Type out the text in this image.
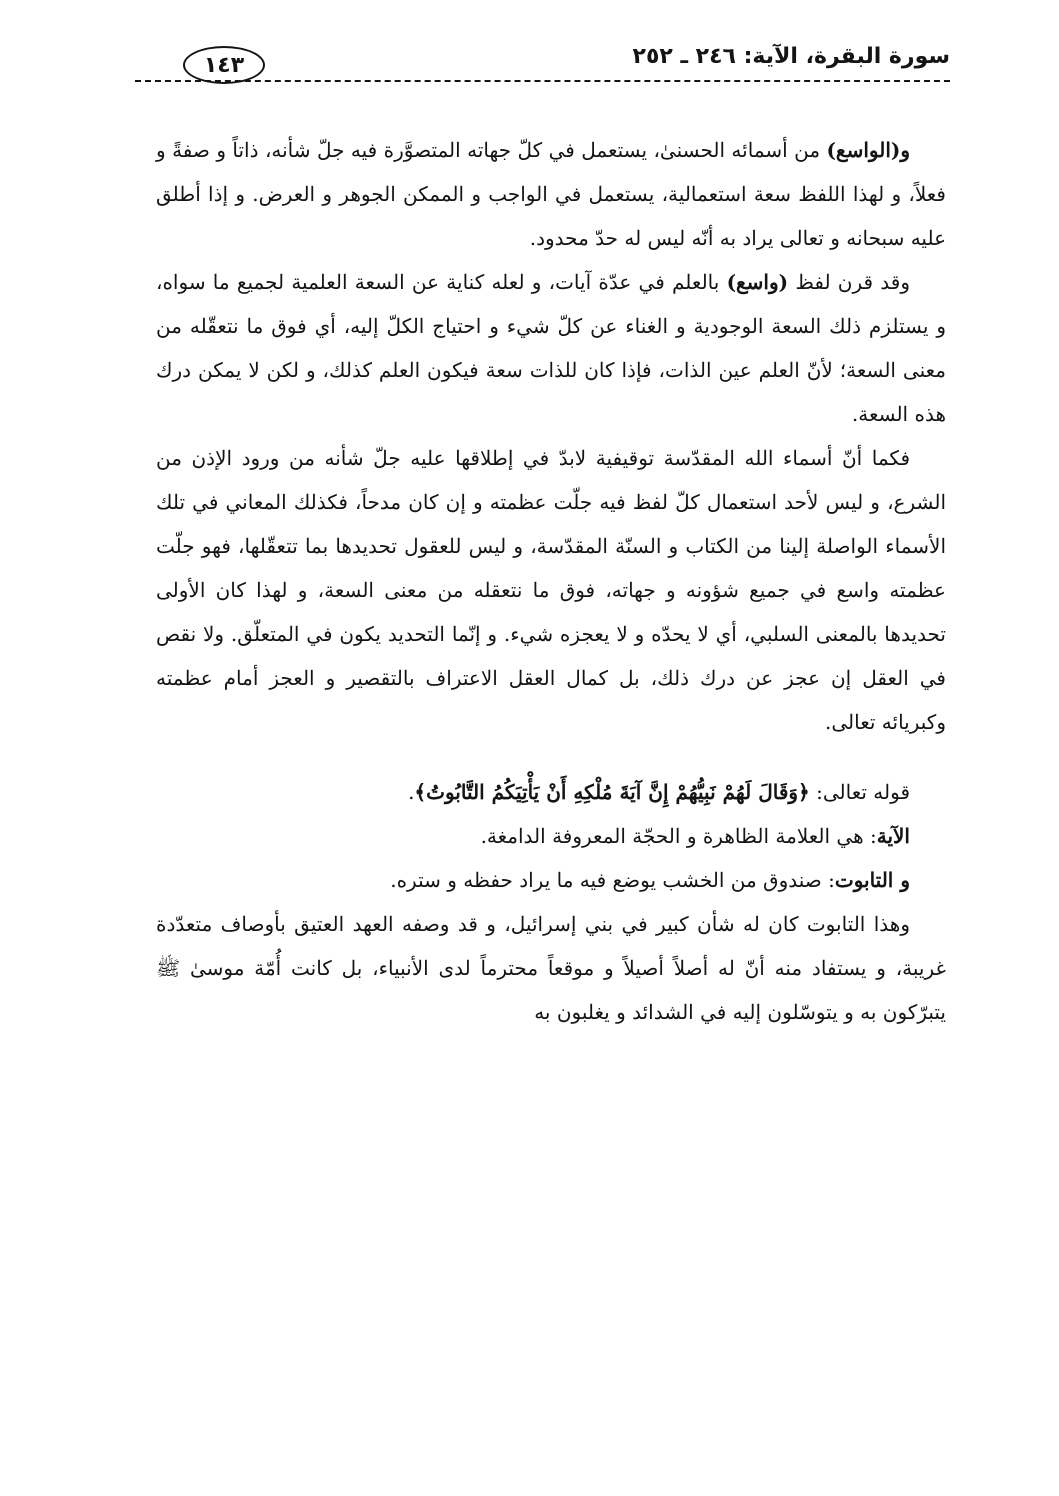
سورة البقرة، الآية: ٢٤٦ ـ ٢٥٢
١٤٣

و(الواسع) من أسمائه الحسنىٰ، يستعمل في كلّ جهاته المتصوَّرة فيه جلّ شأنه، ذاتاً و صفةً و فعلاً، و لهذا اللفظ سعة استعمالية، يستعمل في الواجب و الممكن الجوهر و العرض. و إذا أطلق عليه سبحانه و تعالى يراد به أنّه ليس له حدّ محدود.

وقد قرن لفظ (واسع) بالعلم في عدّة آيات، و لعله كناية عن السعة العلمية لجميع ما سواه، و يستلزم ذلك السعة الوجودية و الغناء عن كلّ شيء و احتياج الكلّ إليه، أي فوق ما نتعقّله من معنى السعة؛ لأنّ العلم عين الذات، فإذا كان للذات سعة فيكون العلم كذلك، و لكن لا يمكن درك هذه السعة.

فكما أنّ أسماء الله المقدّسة توقيفية لابدّ في إطلاقها عليه جلّ شأنه من ورود الإذن من الشرع، و ليس لأحد استعمال كلّ لفظ فيه جلّت عظمته و إن كان مدحاً، فكذلك المعاني في تلك الأسماء الواصلة إلينا من الكتاب و السنّة المقدّسة، و ليس للعقول تحديدها بما تتعقّلها، فهو جلّت عظمته واسع في جميع شؤونه و جهاته، فوق ما نتعقله من معنى السعة، و لهذا كان الأولى تحديدها بالمعنى السلبي، أي لا يحدّه و لا يعجزه شيء. و إنّما التحديد يكون في المتعلّق. ولا نقص في العقل إن عجز عن درك ذلك، بل كمال العقل الاعتراف بالتقصير و العجز أمام عظمته وكبريائه تعالى.

قوله تعالى: ﴿وَقَالَ لَهُمْ نَبِيُّهُمْ إِنَّ آيَةَ مُلْكِهِ أَنْ يَأْتِيَكُمُ التَّابُوتُ﴾.

الآية: هي العلامة الظاهرة و الحجّة المعروفة الدامغة.

و التابوت: صندوق من الخشب يوضع فيه ما يراد حفظه و ستره.

وهذا التابوت كان له شأن كبير في بني إسرائيل، و قد وصفه العهد العتيق بأوصاف متعدّدة غريبة، و يستفاد منه أنّ له أصلاً أصيلاً و موقعاً محترماً لدى الأنبياء، بل كانت أُمّة موسىٰ ﷺ يتبرّكون به و يتوسّلون إليه في الشدائد و يغلبون به
